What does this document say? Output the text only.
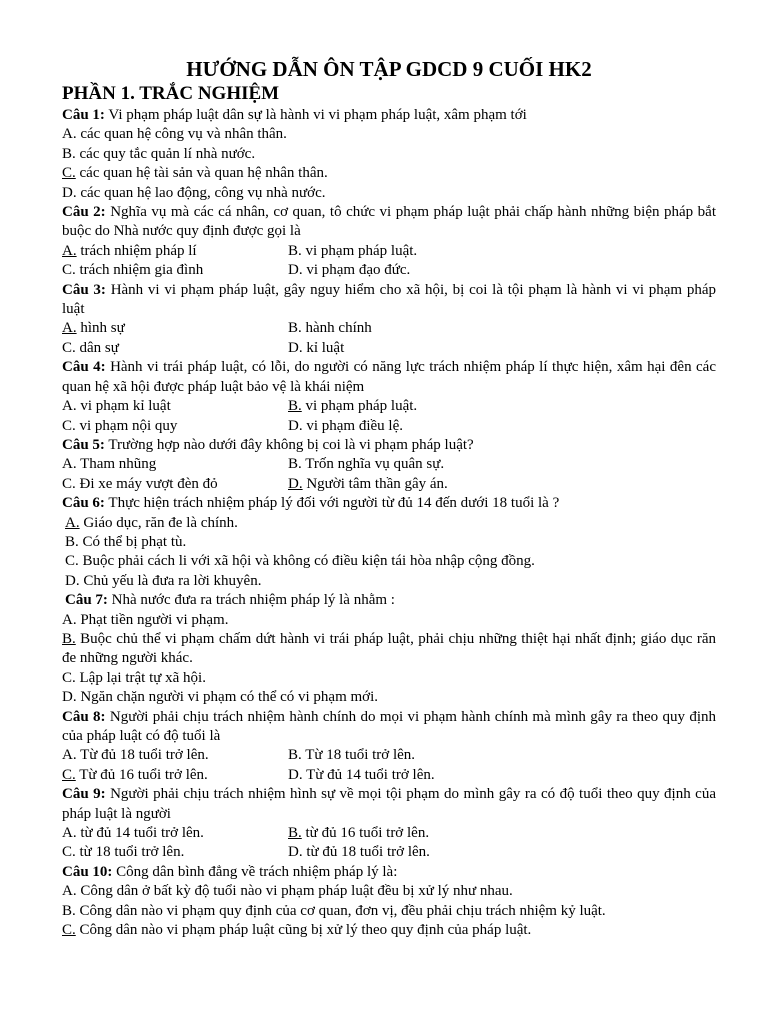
HƯỚNG DẪN ÔN TẬP GDCD 9 CUỐI HK2
PHẦN 1. TRẮC NGHIỆM
Câu 1: Vi phạm pháp luật dân sự là hành vi vi phạm pháp luật, xâm phạm tới
A. các quan hệ công vụ và nhân thân.
B. các quy tắc quản lí nhà nước.
C. các quan hệ tài sản và quan hệ nhân thân.
D. các quan hệ lao động, công vụ nhà nước.
Câu 2: Nghĩa vụ mà các cá nhân, cơ quan, tô chức vi phạm pháp luật phải chấp hành những biện pháp bắt buộc do Nhà nước quy định được gọi là
A. trách nhiệm pháp lí	B. vi phạm pháp luật.
C. trách nhiệm gia đình	D. vi phạm đạo đức.
Câu 3: Hành vi vi phạm pháp luật, gây nguy hiểm cho xã hội, bị coi là tội phạm là hành vi vi phạm pháp luật
A. hình sự	B. hành chính
C. dân sự	D. kỉ luật
Câu 4: Hành vi trái pháp luật, có lỗi, do người có năng lực trách nhiệm pháp lí thực hiện, xâm hại đên các quan hệ xã hội được pháp luật bảo vệ là khái niệm
A. vi phạm kỉ luật	B. vi phạm pháp luật.
C. vi phạm nội quy	D. vi phạm điều lệ.
Câu 5: Trường hợp nào dưới đây không bị coi là vi phạm pháp luật?
A. Tham nhũng	B. Trốn nghĩa vụ quân sự.
C. Đi xe máy vượt đèn đỏ	D. Người tâm thần gây án.
Câu 6: Thực hiện trách nhiệm pháp lý đối với người từ đủ 14 đến dưới 18 tuổi là ?
A. Giáo dục, răn đe là chính.
B. Có thể bị phạt tù.
C. Buộc phải cách li với xã hội và không có điều kiện tái hòa nhập cộng đồng.
D. Chủ yếu là đưa ra lời khuyên.
Câu 7: Nhà nước đưa ra trách nhiệm pháp lý là nhằm :
A. Phạt tiền người vi phạm.
B. Buộc chủ thể vi phạm chấm dứt hành vi trái pháp luật, phải chịu những thiệt hại nhất định; giáo dục răn đe những người khác.
C. Lập lại trật tự xã hội.
D. Ngăn chặn người vi phạm có thể có vi phạm mới.
Câu 8: Người phải chịu trách nhiệm hành chính do mọi vi phạm hành chính mà mình gây ra theo quy định của pháp luật có độ tuổi là
A. Từ đủ 18 tuổi trở lên.	B. Từ 18 tuổi trở lên.
C. Từ đủ 16 tuổi trở lên.	D. Từ đủ 14 tuổi trở lên.
Câu 9: Người phải chịu trách nhiệm hình sự về mọi tội phạm do mình gây ra có độ tuổi theo quy định của pháp luật là người
A. từ đủ 14 tuổi trở lên.	B. từ đủ 16 tuổi trở lên.
C. từ 18 tuổi trở lên.	D. từ đủ 18 tuổi trở lên.
Câu 10: Công dân bình đẳng về trách nhiệm pháp lý là:
A. Công dân ở bất kỳ độ tuổi nào vi phạm pháp luật đều bị xử lý như nhau.
B. Công dân nào vi phạm quy định của cơ quan, đơn vị, đều phải chịu trách nhiệm kỷ luật.
C. Công dân nào vi phạm pháp luật cũng bị xử lý theo quy định của pháp luật.
